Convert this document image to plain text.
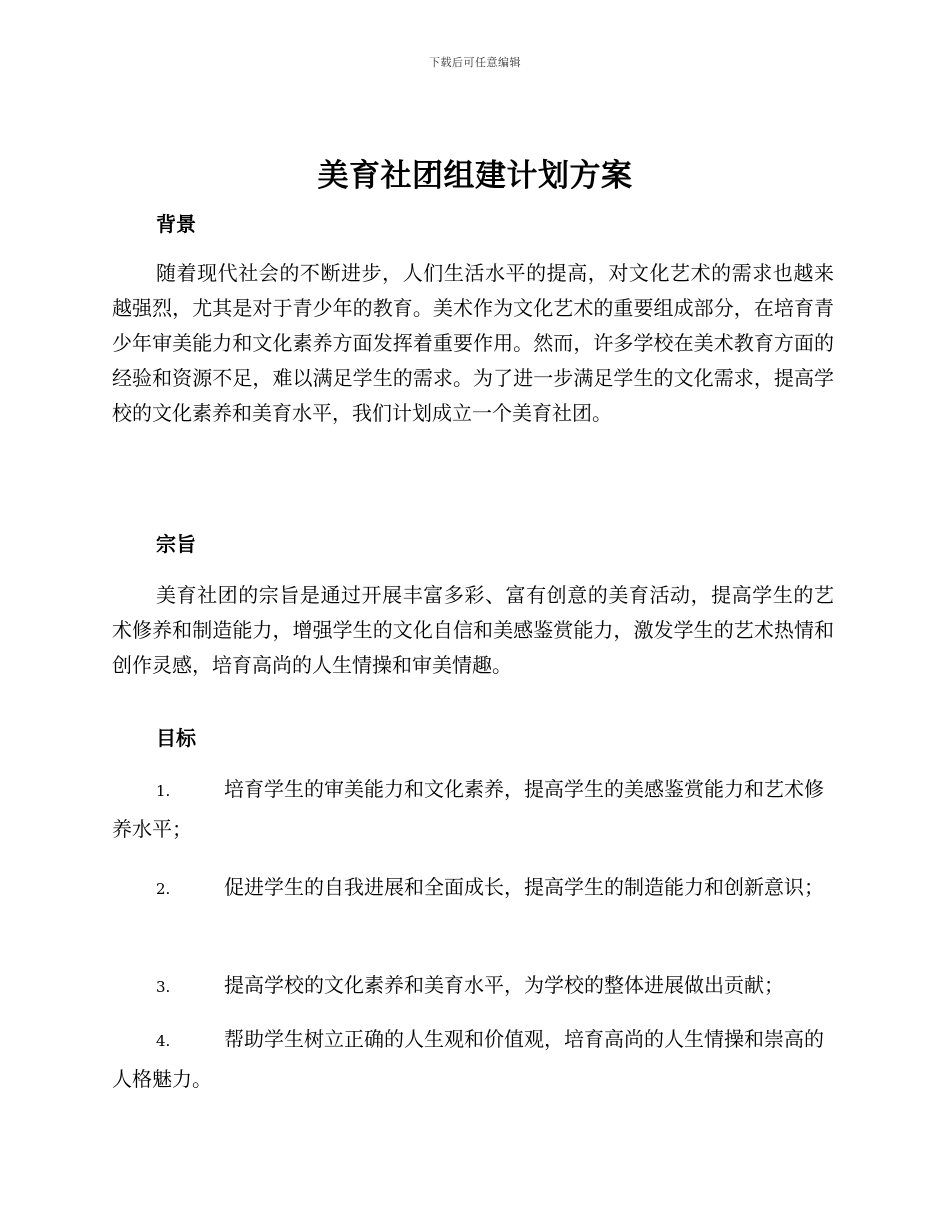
下载后可任意编辑
美育社团组建计划方案
背景

随着现代社会的不断进步，人们生活水平的提高，对文化艺术的需求也越来越强烈，尤其是对于青少年的教育。美术作为文化艺术的重要组成部分，在培育青少年审美能力和文化素养方面发挥着重要作用。然而，许多学校在美术教育方面的经验和资源不足，难以满足学生的需求。为了进一步满足学生的文化需求，提高学校的文化素养和美育水平，我们计划成立一个美育社团。

宗旨

美育社团的宗旨是通过开展丰富多彩、富有创意的美育活动，提高学生的艺术修养和制造能力，增强学生的文化自信和美感鉴赏能力，激发学生的艺术热情和创作灵感，培育高尚的人生情操和审美情趣。

目标
1.	培育学生的审美能力和文化素养，提高学生的美感鉴赏能力和艺术修养水平；
2.	促进学生的自我进展和全面成长，提高学生的制造能力和创新意识；
3.	提高学校的文化素养和美育水平，为学校的整体进展做出贡献；
4.	帮助学生树立正确的人生观和价值观，培育高尚的人生情操和崇高的人格魅力。
